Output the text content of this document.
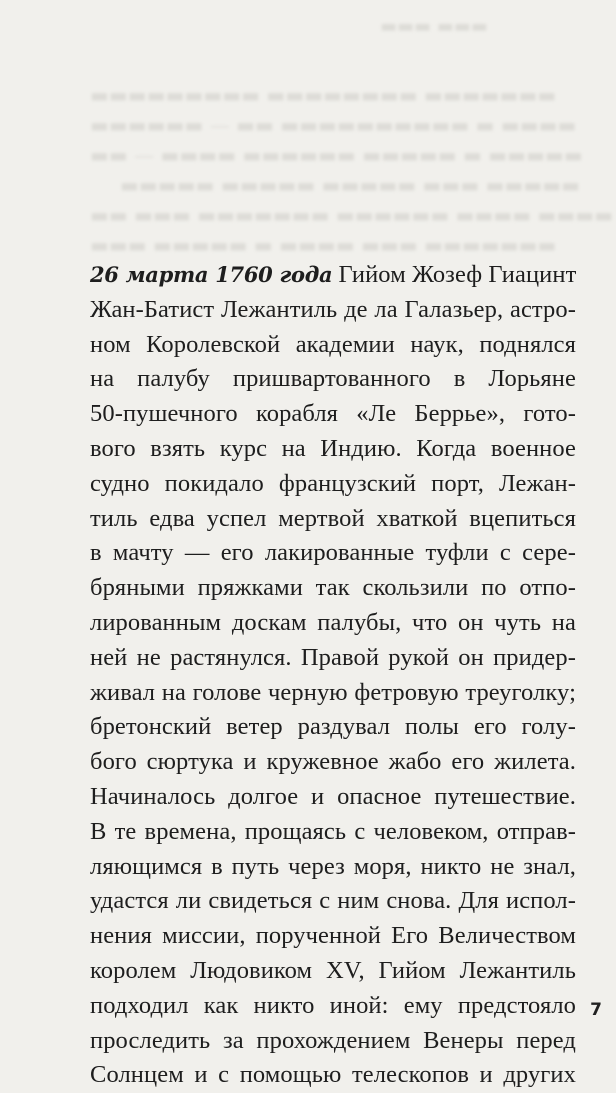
▬▬▬ ▬▬▬
▬▬▬▬▬▬▬▬▬ ▬▬▬▬▬▬▬▬ ▬▬▬▬▬▬▬
▬▬▬▬▬▬ — ▬▬ ▬▬▬▬▬▬▬▬▬▬ ▬ ▬▬▬▬
▬▬ — ▬▬▬▬ ▬▬▬▬▬▬ ▬▬▬▬▬ ▬ ▬▬▬▬▬
▬▬▬▬▬ ▬▬▬▬▬ ▬▬▬▬▬ ▬▬▬ ▬▬▬▬▬
▬▬ ▬▬▬ ▬▬▬▬▬▬▬ ▬▬▬▬▬▬ ▬▬▬▬ ▬▬▬▬
▬▬▬ ▬▬▬▬▬ ▬ ▬▬▬▬ ▬▬▬ ▬▬▬▬▬▬▬
26 марта 1760 года Гийом Жозеф Гиацинт
Жан-Батист Лежантиль де ла Галазьер, астро-
ном Королевской академии наук, поднялся
на палубу пришвартованного в Лорьяне
50-пушечного корабля «Ле Беррье», гото-
вого взять курс на Индию. Когда военное
судно покидало французский порт, Лежан-
тиль едва успел мертвой хваткой вцепиться
в мачту — его лакированные туфли с сере-
бряными пряжками так скользили по отпо-
лированным доскам палубы, что он чуть на
ней не растянулся. Правой рукой он придер-
живал на голове черную фетровую треуголку;
бретонский ветер раздувал полы его голу-
бого сюртука и кружевное жабо его жилета.
Начиналось долгое и опасное путешествие.
В те времена, прощаясь с человеком, отправ-
ляющимся в путь через моря, никто не знал,
удастся ли свидеться с ним снова. Для испол-
нения миссии, порученной Его Величеством
королем Людовиком XV, Гийом Лежантиль
подходил как никто иной: ему предстояло
проследить за прохождением Венеры перед
Солнцем и с помощью телескопов и других
7
